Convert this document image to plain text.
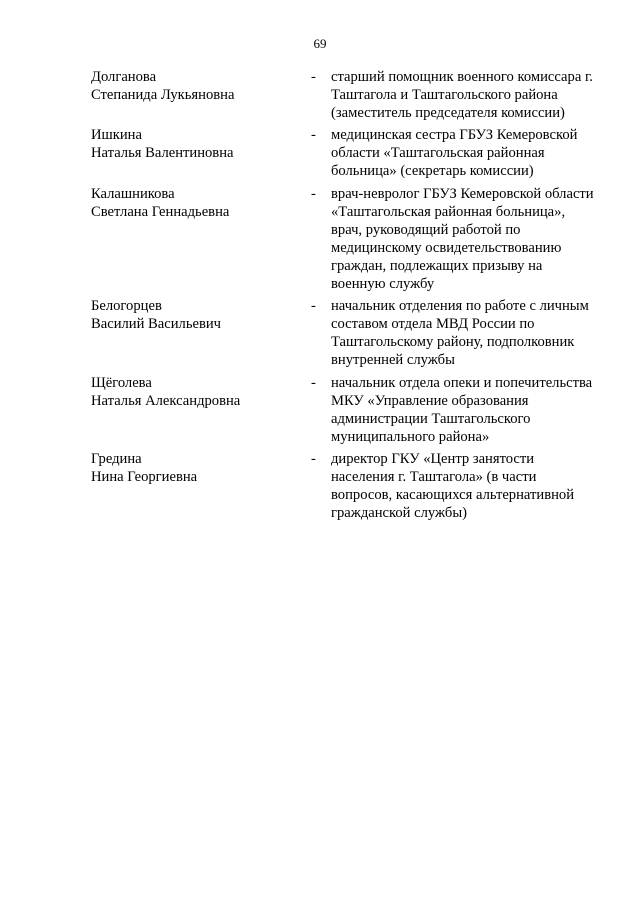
69
Долганова
Степанида Лукьяновна
-	старший помощник военного комиссара г. Таштагола и Таштагольского района (заместитель председателя комиссии)
Ишкина
Наталья Валентиновна
-	медицинская сестра ГБУЗ Кемеровской области «Таштагольская районная больница» (секретарь комиссии)
Калашникова
Светлана Геннадьевна
-	врач-невролог ГБУЗ Кемеровской области «Таштагольская районная больница», врач, руководящий работой по медицинскому освидетельствованию граждан, подлежащих призыву на военную службу
Белогорцев
Василий Васильевич
-	начальник отделения по работе с личным составом отдела МВД России по Таштагольскому району, подполковник внутренней службы
Щёголева
Наталья Александровна
-	начальник отдела опеки и попечительства МКУ «Управление образования администрации Таштагольского муниципального района»
Гредина
Нина Георгиевна
-	директор ГКУ «Центр занятости населения г. Таштагола» (в части вопросов, касающихся альтернативной гражданской службы)
